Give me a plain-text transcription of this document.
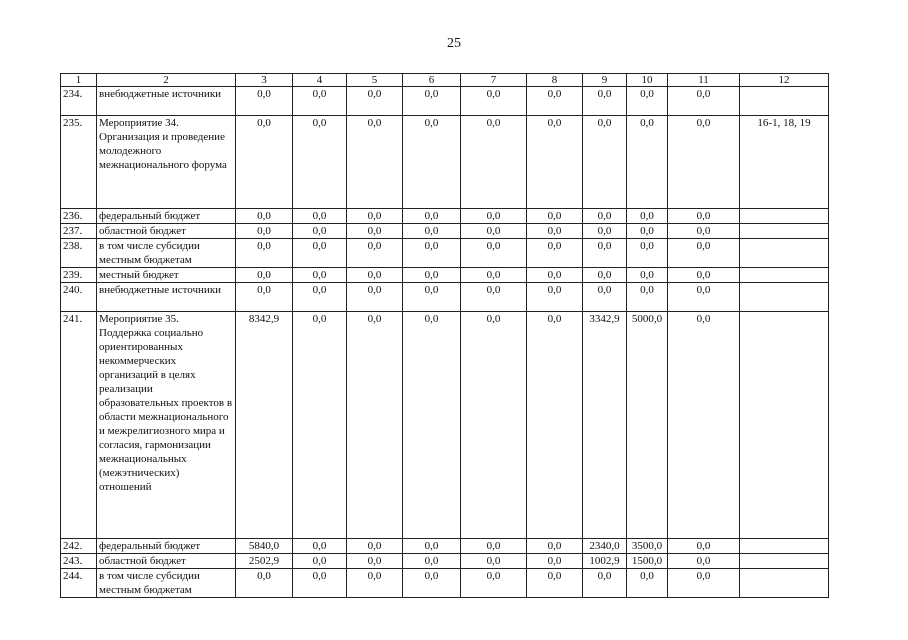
25
1	2	3	4	5	6	7	8	9	10	11	12
234.	внебюджетные источники	0,0	0,0	0,0	0,0	0,0	0,0	0,0	0,0	0,0	
235.	Мероприятие 34. Организация и проведение молодежного межнационального форума	0,0	0,0	0,0	0,0	0,0	0,0	0,0	0,0	0,0	16-1, 18, 19
236.	федеральный бюджет	0,0	0,0	0,0	0,0	0,0	0,0	0,0	0,0	0,0	
237.	областной бюджет	0,0	0,0	0,0	0,0	0,0	0,0	0,0	0,0	0,0	
238.	в том числе субсидии местным бюджетам	0,0	0,0	0,0	0,0	0,0	0,0	0,0	0,0	0,0	
239.	местный бюджет	0,0	0,0	0,0	0,0	0,0	0,0	0,0	0,0	0,0	
240.	внебюджетные источники	0,0	0,0	0,0	0,0	0,0	0,0	0,0	0,0	0,0	
241.	Мероприятие 35. Поддержка социально ориентированных некоммерческих организаций в целях реализации образовательных проектов в области межнационального и межрелигиозного мира и согласия, гармонизации межнациональных (межэтнических) отношений	8342,9	0,0	0,0	0,0	0,0	0,0	3342,9	5000,0	0,0	
242.	федеральный бюджет	5840,0	0,0	0,0	0,0	0,0	0,0	2340,0	3500,0	0,0	
243.	областной бюджет	2502,9	0,0	0,0	0,0	0,0	0,0	1002,9	1500,0	0,0	
244.	в том числе субсидии местным бюджетам	0,0	0,0	0,0	0,0	0,0	0,0	0,0	0,0	0,0	
